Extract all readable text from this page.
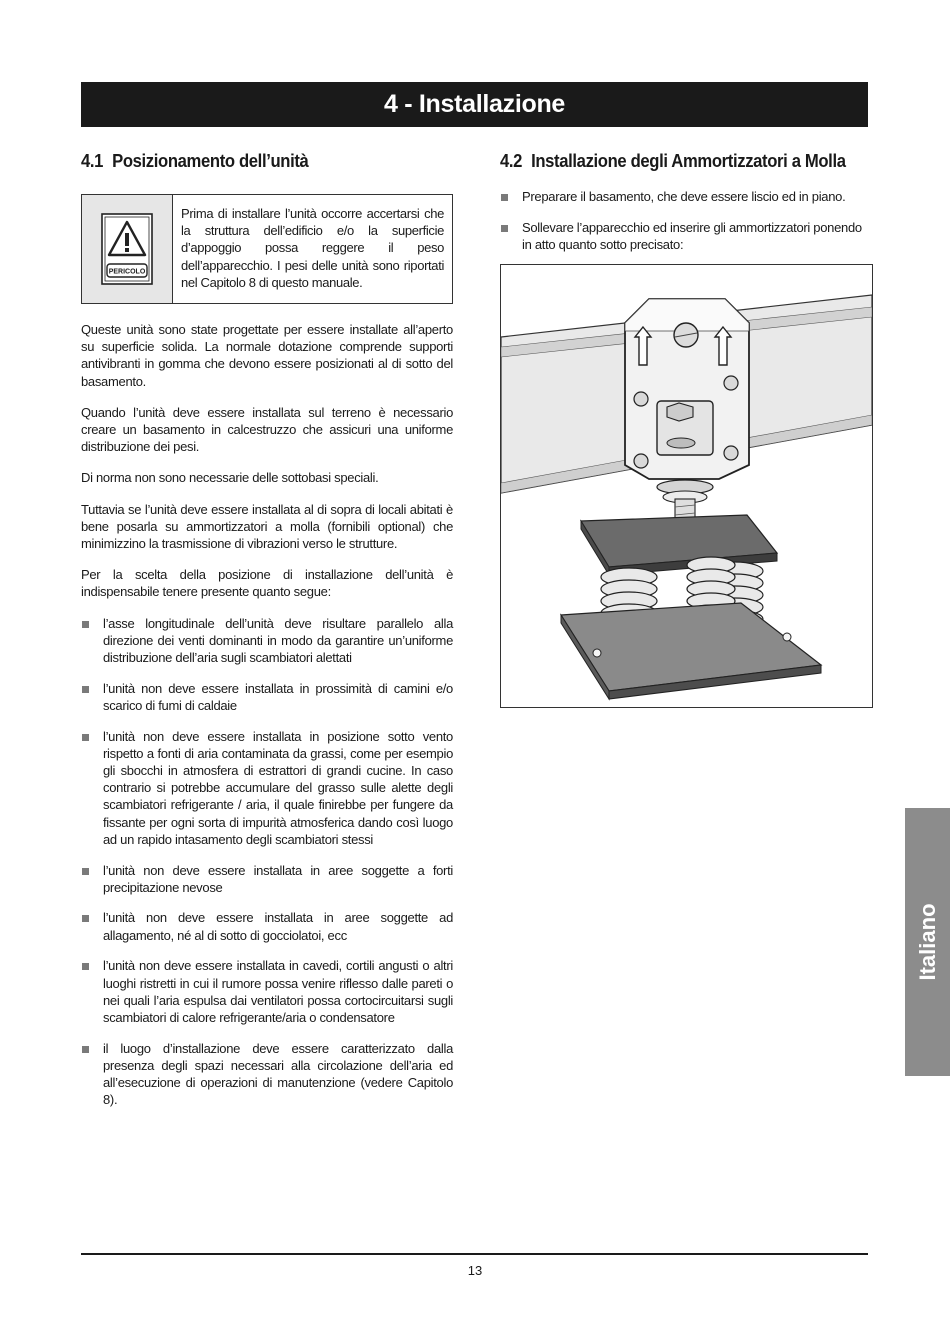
4 - Installazione
4.1 Posizionamento dell’unità
PERICOLO
Prima di installare l’unità occorre accertarsi che la struttura dell’edificio e/o la superficie d’appoggio possa reggere il peso dell’apparecchio. I pesi delle unità sono riportati nel Capitolo 8 di questo manuale.

Queste unità sono state progettate per essere installate all’aperto su superficie solida. La normale dotazione comprende supporti antivibranti in gomma che devono essere posizionati al di sotto del basamento.

Quando l’unità deve essere installata sul terreno è necessario creare un basamento in calcestruzzo che assicuri una uniforme distribuzione dei pesi.

Di norma non sono necessarie delle sottobasi speciali.

Tuttavia se l’unità deve essere installata al di sopra di locali abitati è bene posarla su ammortizzatori a molla (fornibili optional) che minimizzino la trasmissione di vibrazioni verso le strutture.

Per la scelta della posizione di installazione dell’unità è indispensabile tenere presente quanto segue:

l’asse longitudinale dell’unità deve risultare parallelo alla direzione dei venti dominanti in modo da garantire un’uniforme distribuzione dell’aria sugli scambiatori alettati
l’unità non deve essere installata in prossimità di camini e/o scarico di fumi di caldaie
l’unità non deve essere installata in posizione sotto vento rispetto a fonti di aria contaminata da grassi, come per esempio gli sbocchi in atmosfera di estrattori di grandi cucine. In caso contrario si potrebbe accumulare del grasso sulle alette degli scambiatori refrigerante / aria, il quale finirebbe per fungere da fissante per ogni sorta di impurità atmosferica dando così luogo ad un rapido intasamento degli scambiatori stessi
l’unità non deve essere installata in aree soggette a forti precipitazione nevose
l’unità non deve essere installata in aree soggette ad allagamento, né al di sotto di gocciolatoi, ecc
l’unità non deve essere installata in cavedi, cortili angusti o altri luoghi ristretti in cui il rumore possa venire riflesso dalle pareti o nei quali l’aria espulsa dai ventilatori possa cortocircuitarsi sugli scambiatori di calore refrigerante/aria o condensatore
il luogo d’installazione deve essere caratterizzato dalla presenza degli spazi necessari alla circolazione dell’aria ed all’esecuzione di operazioni di manutenzione (vedere Capitolo 8).
4.2 Installazione degli Ammortizzatori a Molla
Preparare il basamento, che deve essere liscio ed in piano.
Sollevare l’apparecchio ed inserire gli ammortizzatori ponendo in atto quanto sotto precisato:
Italiano
13
